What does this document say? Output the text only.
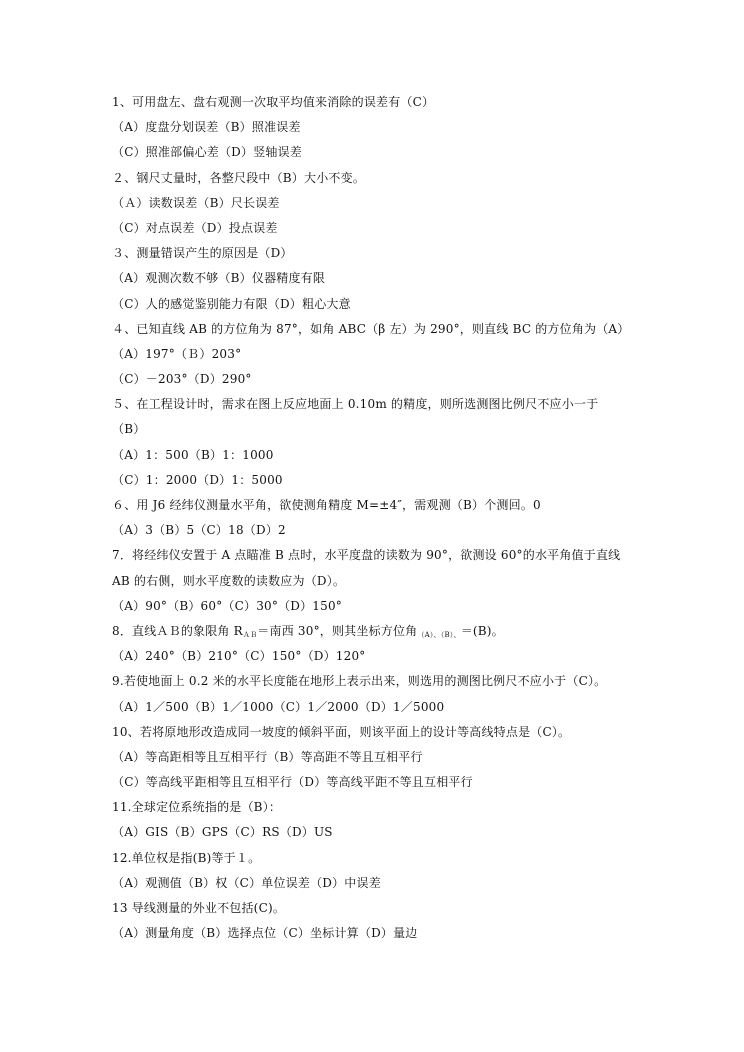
1、可用盘左、盘右观测一次取平均值来消除的误差有（C）
（A）度盘分划误差（B）照准误差
（C）照准部偏心差（D）竖轴误差
２、钢尺丈量时，各整尺段中（B）大小不变。
（Ａ）读数误差（B）尺长误差
（C）对点误差（D）投点误差
３、测量错误产生的原因是（D）
（A）观测次数不够（B）仪器精度有限
（C）人的感觉鉴别能力有限（D）粗心大意
４、已知直线 AB 的方位角为 87°，如角 ABC（β 左）为 290°，则直线 BC 的方位角为（A）
（A）197°（Ｂ）203°
（C）－203°（D）290°
５、在工程设计时，需求在图上反应地面上 0.10m 的精度，则所选测图比例尺不应小一于
（B）
（A）1：500（B）1：1000
（C）1：2000（D）1：5000
６、用 J6 经纬仪测量水平角，欲使测角精度 M=±4″，需观测（B）个测回。0
（A）3（B）5（C）18（D）2
7．将经纬仪安置于 A 点瞄准 B 点时，水平度盘的读数为 90°，欲测设 60°的水平角值于直线
AB 的右侧，则水平度数的读数应为（D）。
（A）90°（B）60°（C）30°（D）150°
8．直线ＡＢ的象限角 $R_{AB}=$南西 30°，则其坐标方位角$_{(A)、(B)、}$＝(B)。
（A）240°（B）210°（C）150°（D）120°
9.若使地面上 0.2 米的水平长度能在地形上表示出来，则选用的测图比例尺不应小于（C）。
（A）1／500（B）1／1000（C）1／2000（D）1／5000
10、若将原地形改造成同一坡度的倾斜平面，则该平面上的设计等高线特点是（C）。
（A）等高距相等且互相平行（B）等高距不等且互相平行
（C）等高线平距相等且互相平行（D）等高线平距不等且互相平行
11.全球定位系统指的是（B）：
（A）GIS（B）GPS（C）RS（D）US
12.单位权是指(B)等于１。
（A）观测值（B）权（C）单位误差（D）中误差
13 导线测量的外业不包括(C)。
（A）测量角度（B）选择点位（C）坐标计算（D）量边
